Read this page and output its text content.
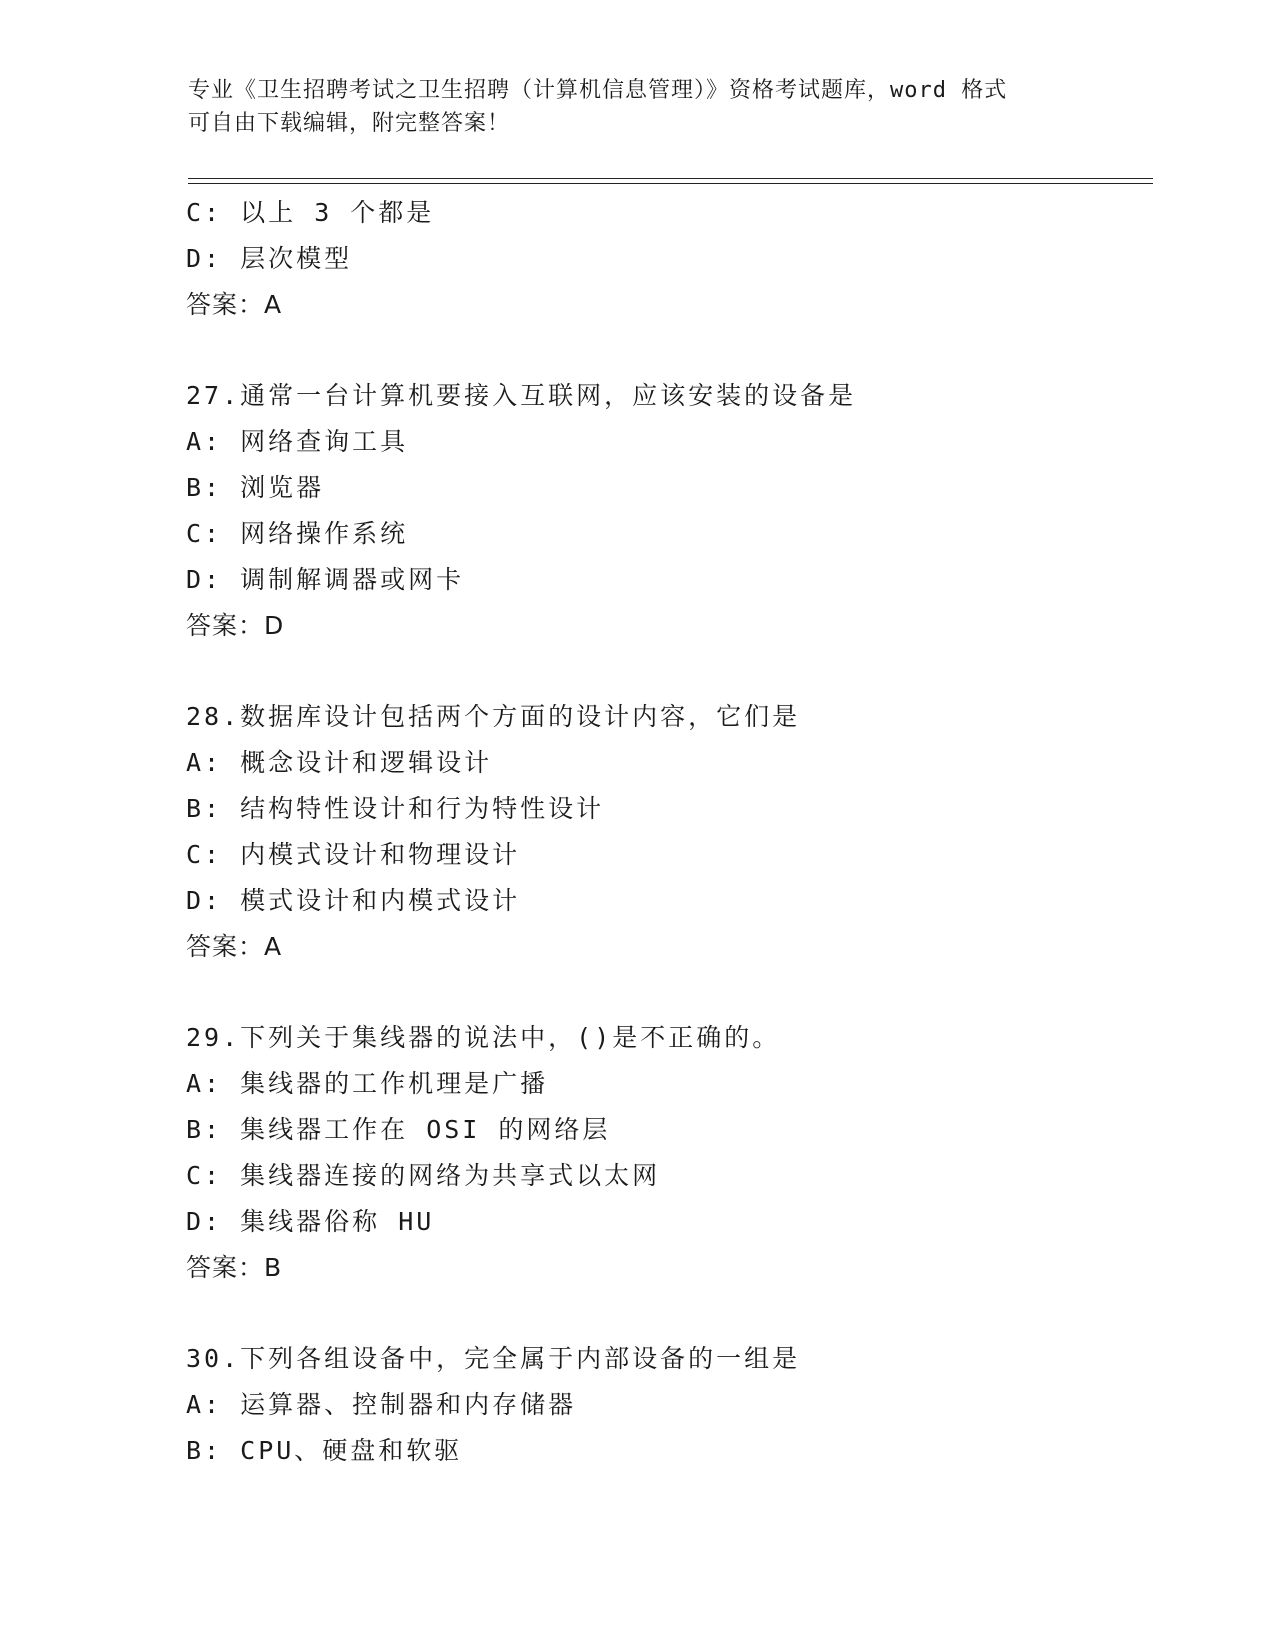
专业《卫生招聘考试之卫生招聘（计算机信息管理）》资格考试题库，word 格式
可自由下载编辑，附完整答案！
C: 以上 3 个都是
D: 层次模型
答案：A
27.通常一台计算机要接入互联网，应该安装的设备是
A: 网络查询工具
B: 浏览器
C: 网络操作系统
D: 调制解调器或网卡
答案：D
28.数据库设计包括两个方面的设计内容，它们是
A: 概念设计和逻辑设计
B: 结构特性设计和行为特性设计
C: 内模式设计和物理设计
D: 模式设计和内模式设计
答案：A
29.下列关于集线器的说法中，()是不正确的。
A: 集线器的工作机理是广播
B: 集线器工作在 OSI 的网络层
C: 集线器连接的网络为共享式以太网
D: 集线器俗称 HU
答案：B
30.下列各组设备中，完全属于内部设备的一组是
A: 运算器、控制器和内存储器
B: CPU、硬盘和软驱
